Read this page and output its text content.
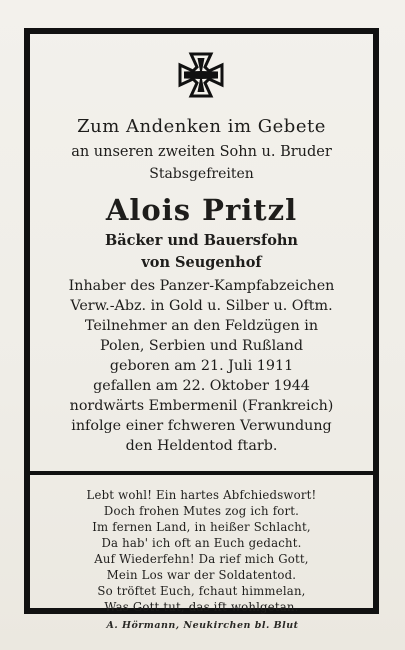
Zum Andenken im Gebete
an unseren zweiten Sohn u. Bruder
Stabsgefreiten
Alois Pritzl
Bäcker und Bauersfohn
von Seugenhof
Inhaber des Panzer-Kampfabzeichen
Verw.-Abz. in Gold u. Silber u. Oftm.
Teilnehmer an den Feldzügen in
Polen, Serbien und Rußland
geboren am 21. Juli 1911
gefallen am 22. Oktober 1944
nordwärts Embermenil (Frankreich)
infolge einer fchweren Verwundung
den Heldentod ftarb.
Lebt wohl! Ein hartes Abfchiedswort!
Doch frohen Mutes zog ich fort.
Im fernen Land, in heißer Schlacht,
Da hab' ich oft an Euch gedacht.
Auf Wiederfehn! Da rief mich Gott,
Mein Los war der Soldatentod.
So tröftet Euch, fchaut himmelan,
Was Gott tut, das ift wohlgetan.
A. Hörmann, Neukirchen bl. Blut
